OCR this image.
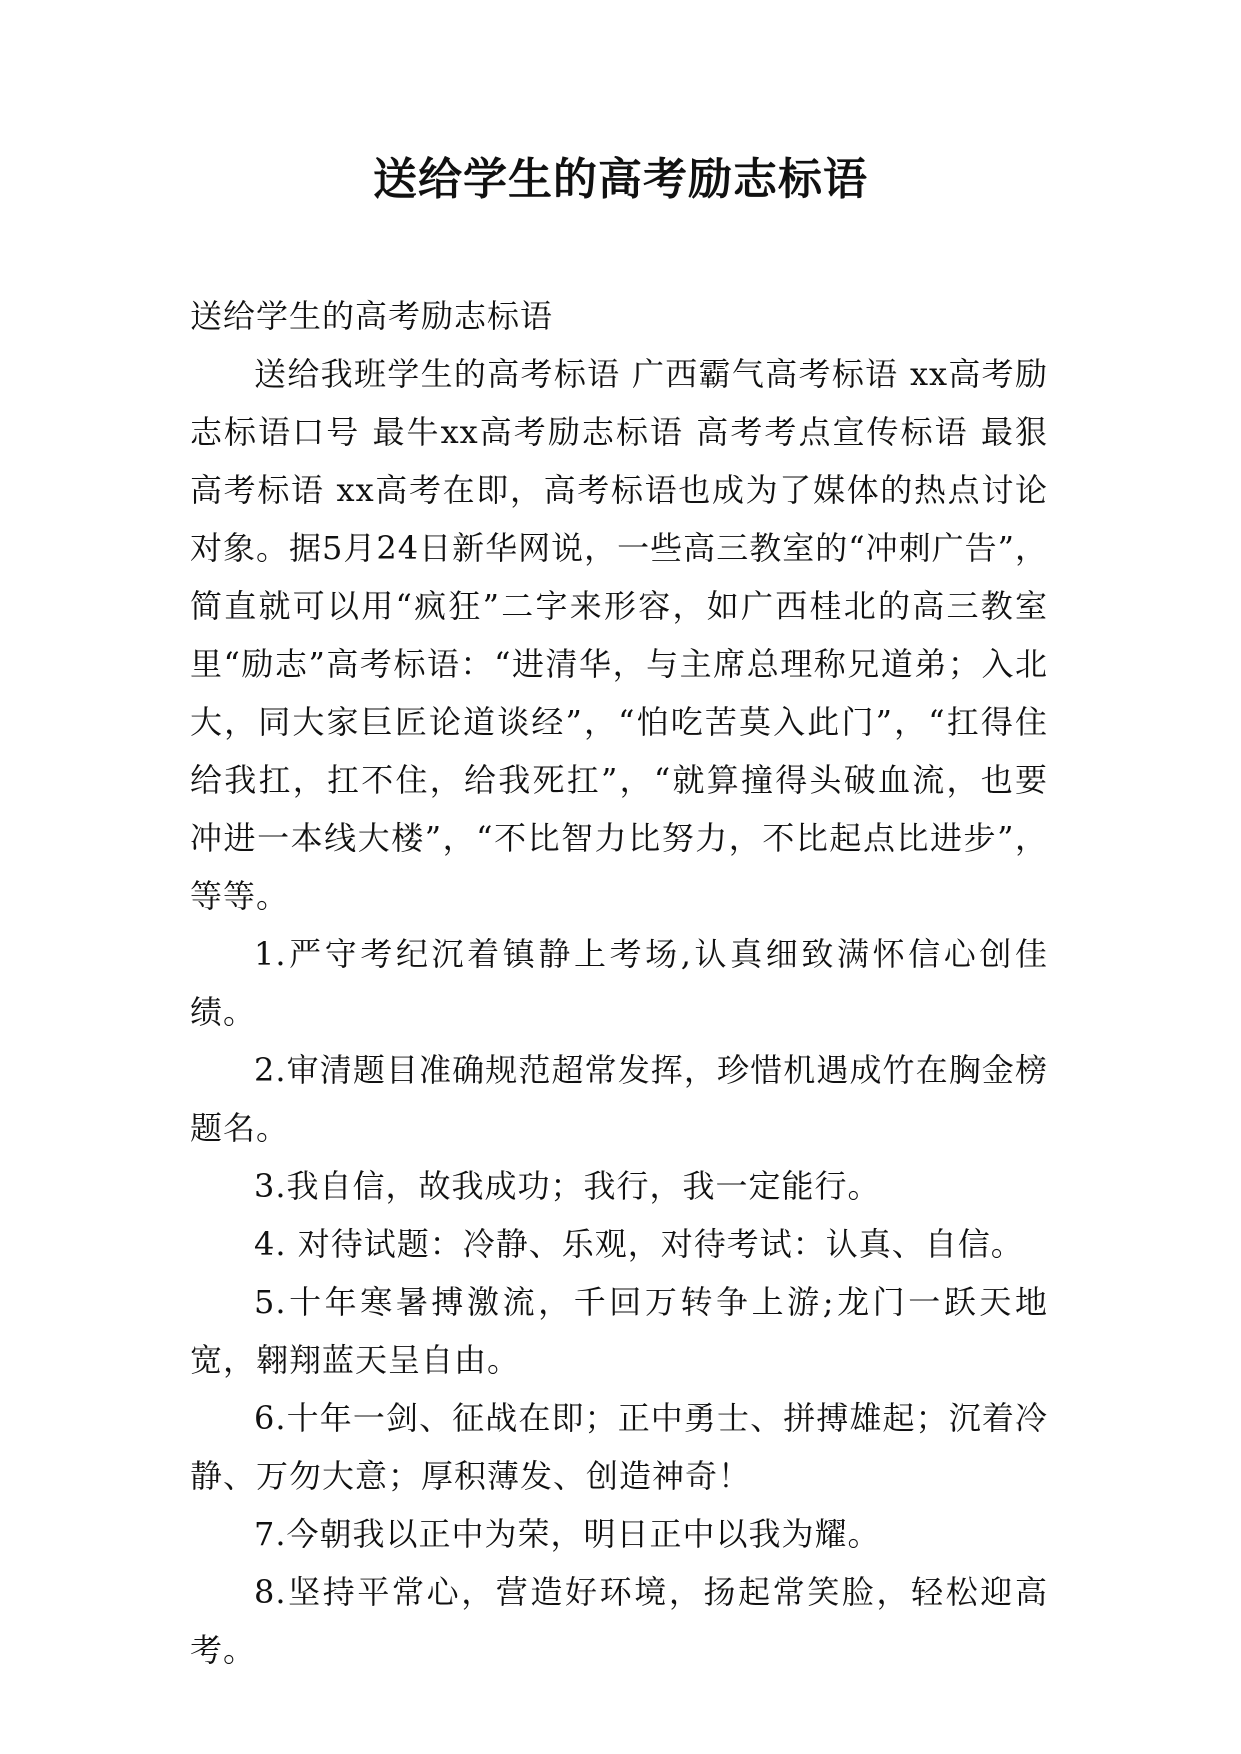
送给学生的高考励志标语

送给学生的高考励志标语

送给我班学生的高考标语 广西霸气高考标语 xx高考励志标语口号 最牛xx高考励志标语 高考考点宣传标语 最狠高考标语 xx高考在即，高考标语也成为了媒体的热点讨论对象。据5月24日新华网说，一些高三教室的“冲刺广告”，简直就可以用“疯狂”二字来形容，如广西桂北的高三教室里“励志”高考标语：“进清华，与主席总理称兄道弟；入北大，同大家巨匠论道谈经”，“怕吃苦莫入此门”，“扛得住给我扛，扛不住，给我死扛”，“就算撞得头破血流，也要冲进一本线大楼”，“不比智力比努力，不比起点比进步”，等等。

1.严守考纪沉着镇静上考场,认真细致满怀信心创佳绩。

2.审清题目准确规范超常发挥，珍惜机遇成竹在胸金榜题名。

3.我自信，故我成功；我行，我一定能行。

4. 对待试题：冷静、乐观，对待考试：认真、自信。

5.十年寒暑搏激流，千回万转争上游;龙门一跃天地宽，翱翔蓝天呈自由。

6.十年一剑、征战在即；正中勇士、拼搏雄起；沉着冷静、万勿大意；厚积薄发、创造神奇！

7.今朝我以正中为荣，明日正中以我为耀。

8.坚持平常心，营造好环境，扬起常笑脸，轻松迎高考。
